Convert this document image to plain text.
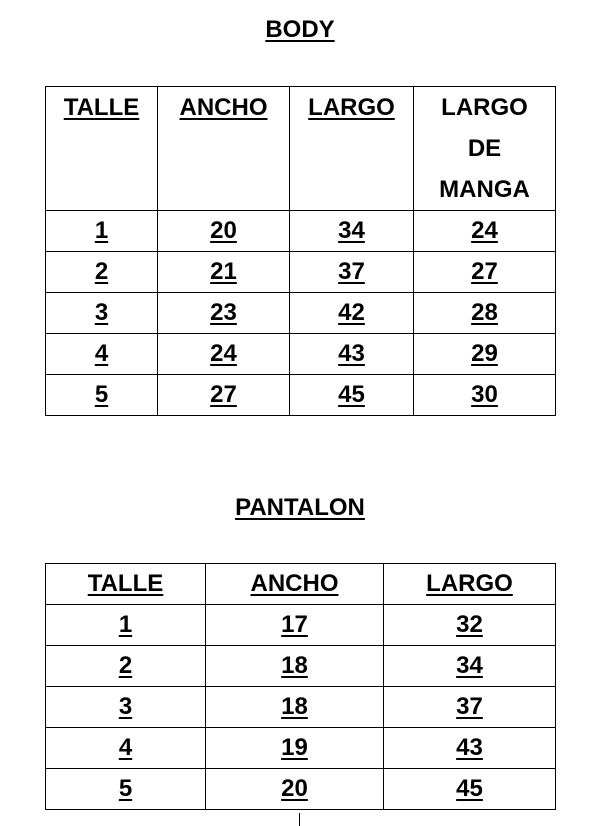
BODY
TALLE	ANCHO	LARGO	LARGO DE MANGA
1	20	34	24
2	21	37	27
3	23	42	28
4	24	43	29
5	27	45	30
PANTALON
TALLE	ANCHO	LARGO
1	17	32
2	18	34
3	18	37
4	19	43
5	20	45
